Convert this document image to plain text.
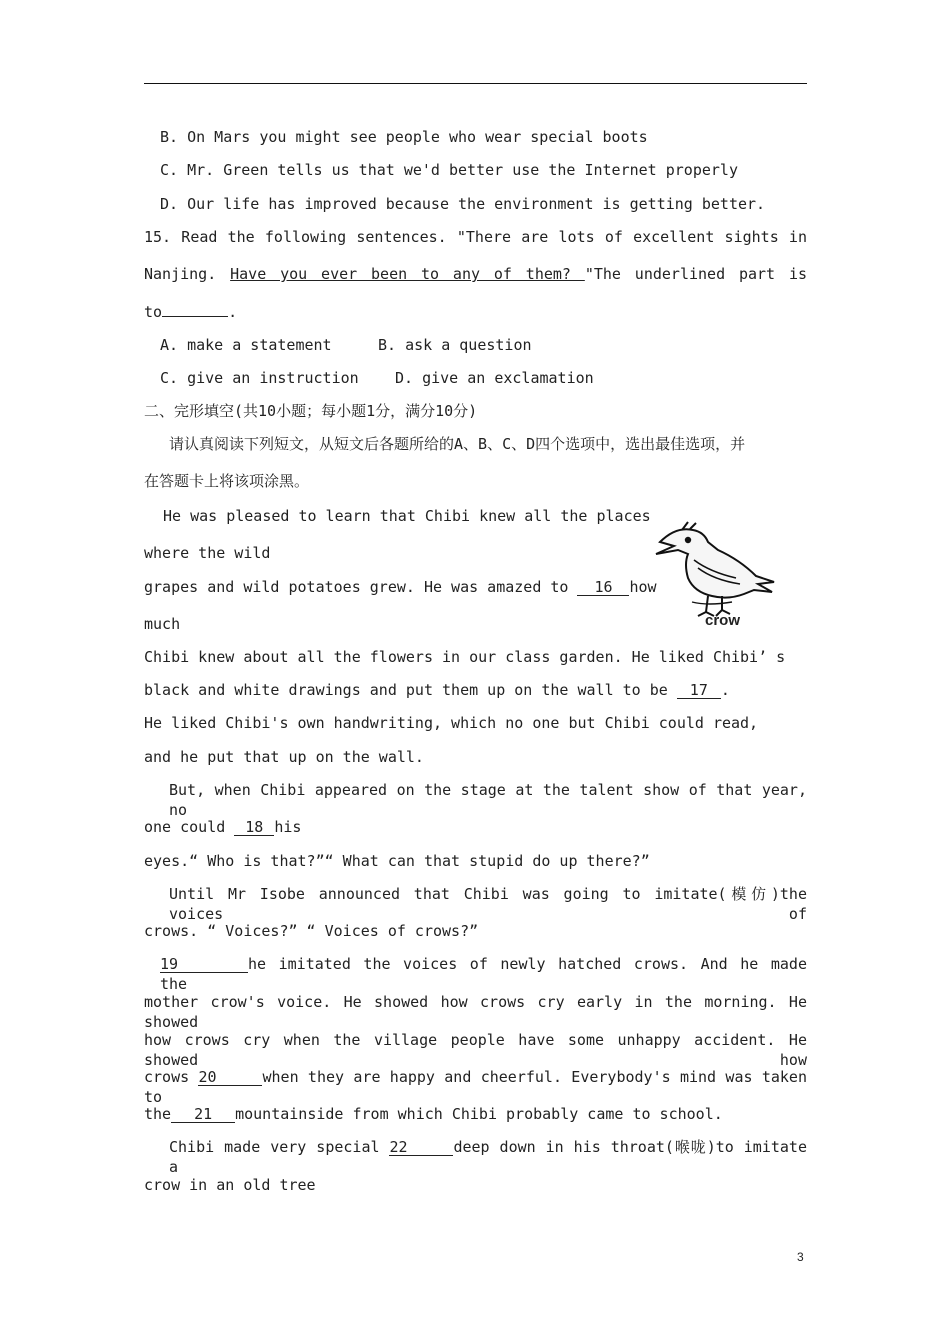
B. On Mars you might see people who wear special boots
C. Mr. Green tells us that we'd better use the Internet properly
D. Our life has improved because the environment is getting better.
15. Read the following sentences. "There are lots of excellent sights in
Nanjing. Have you ever been to any of them? "The underlined part is
to	.
A. make a statement	B. ask a question
C. give an instruction D. give an exclamation
二、完形填空(共10小题；每小题1分，满分10分)
请认真阅读下列短文，从短文后各题所给的A、B、C、D四个选项中，选出最佳选项，并
在答题卡上将该项涂黑。
He was pleased to learn that Chibi knew all the places
where the wild
grapes and wild potatoes grew. He was amazed to 16 how
much	crow
Chibi knew about all the flowers in our class garden. He liked Chibi’ s
black and white drawings and put them up on the wall to be 17 .
He liked Chibi's own handwriting, which no one but Chibi could read,
and he put that up on the wall.
But, when Chibi appeared on the stage at the talent show of that year, no
one could 18 his
eyes.“ Who is that?”“ What can that stupid do up there?”
Until Mr Isobe announced that Chibi was going to imitate(模仿)the voices of
crows. “ Voices?” “ Voices of crows?”
19	he imitated the voices of newly hatched crows. And he made the
mother crow's voice. He showed how crows cry early in the morning. He showed
how crows cry when the village people have some unhappy accident. He showed how
crows 20	when they are happy and cheerful. Everybody's mind was taken to
the 21 mountainside from which Chibi probably came to school.
Chibi made very special 22	deep down in his throat(喉咙)to imitate a
crow in an old tree
3
